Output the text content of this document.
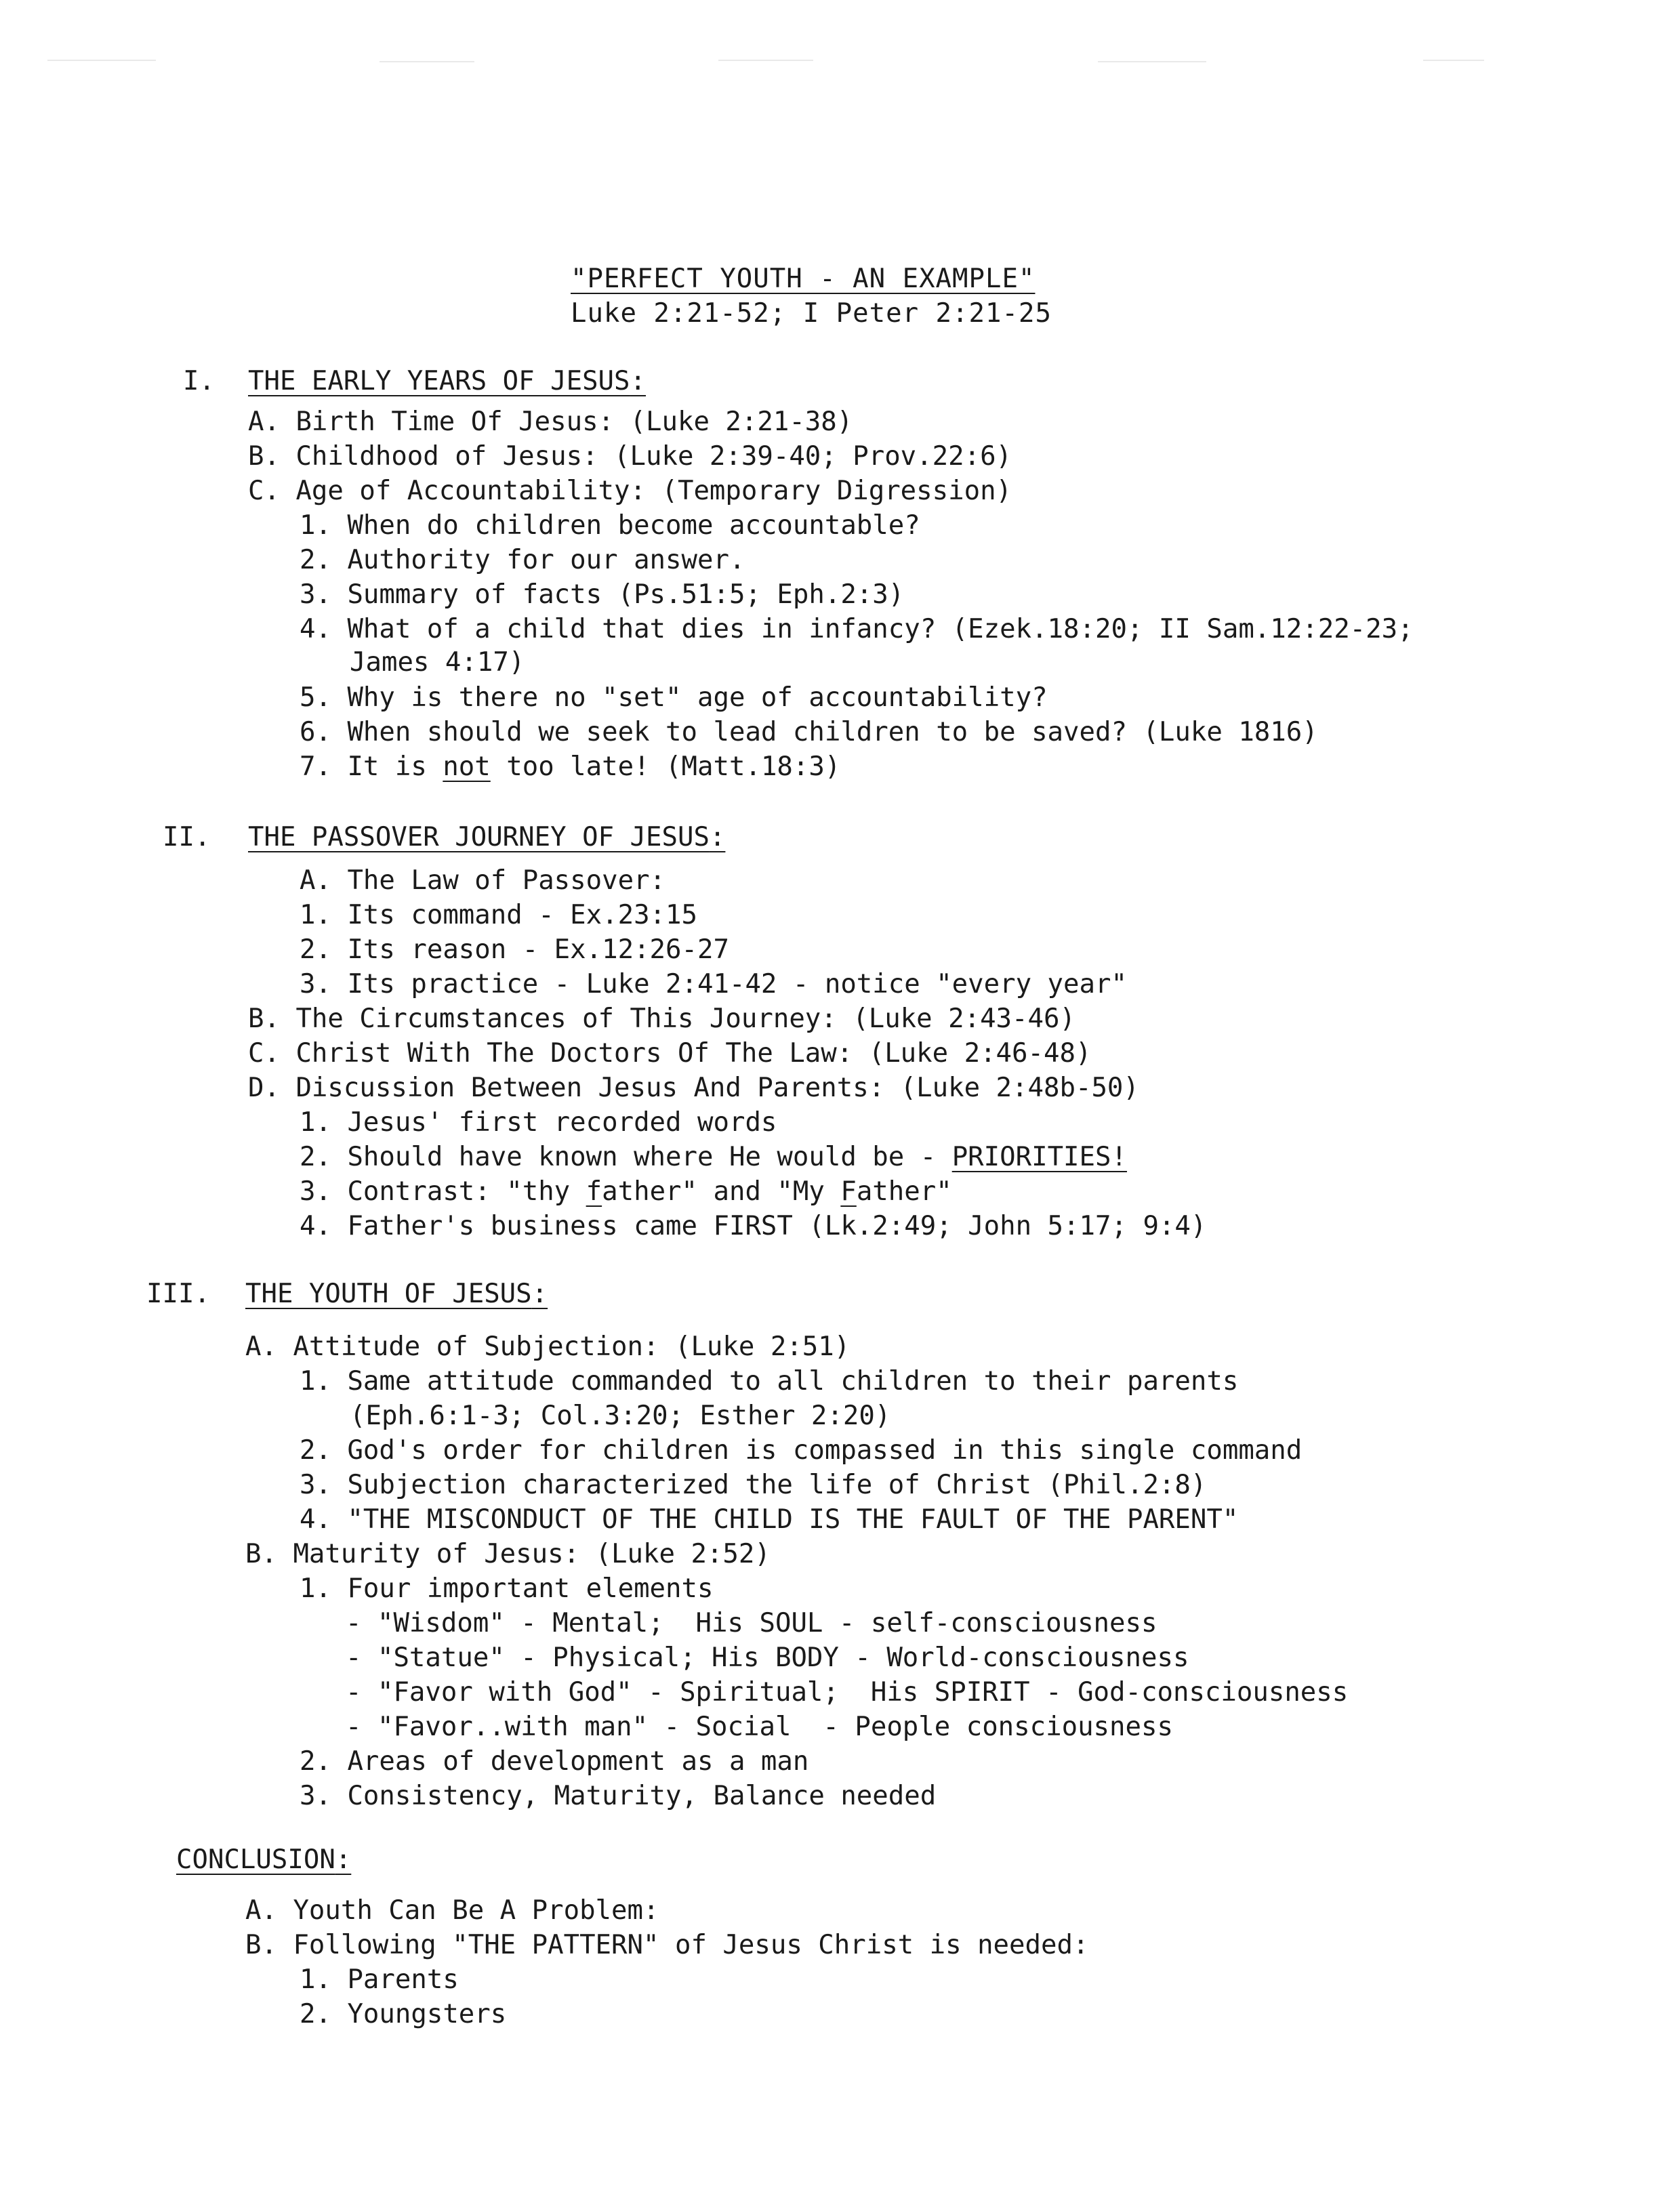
"PERFECT YOUTH - AN EXAMPLE"
Luke 2:21-52; I Peter 2:21-25
I. THE EARLY YEARS OF JESUS:
A. Birth Time Of Jesus: (Luke 2:21-38)
B. Childhood of Jesus: (Luke 2:39-40; Prov.22:6)
C. Age of Accountability: (Temporary Digression)
1. When do children become accountable?
2. Authority for our answer.
3. Summary of facts (Ps.51:5; Eph.2:3)
4. What of a child that dies in infancy? (Ezek.18:20; II Sam.12:22-23;
James 4:17)
5. Why is there no "set" age of accountability?
6. When should we seek to lead children to be saved? (Luke 1816)
7. It is not too late! (Matt.18:3)
II. THE PASSOVER JOURNEY OF JESUS:
A. The Law of Passover:
1. Its command - Ex.23:15
2. Its reason - Ex.12:26-27
3. Its practice - Luke 2:41-42 - notice "every year"
B. The Circumstances of This Journey: (Luke 2:43-46)
C. Christ With The Doctors Of The Law: (Luke 2:46-48)
D. Discussion Between Jesus And Parents: (Luke 2:48b-50)
1. Jesus' first recorded words
2. Should have known where He would be - PRIORITIES!
3. Contrast: "thy father" and "My Father"
4. Father's business came FIRST (Lk.2:49; John 5:17; 9:4)
III. THE YOUTH OF JESUS:
A. Attitude of Subjection: (Luke 2:51)
1. Same attitude commanded to all children to their parents
(Eph.6:1-3; Col.3:20; Esther 2:20)
2. God's order for children is compassed in this single command
3. Subjection characterized the life of Christ (Phil.2:8)
4. "THE MISCONDUCT OF THE CHILD IS THE FAULT OF THE PARENT"
B. Maturity of Jesus: (Luke 2:52)
1. Four important elements
- "Wisdom" - Mental;  His SOUL - self-consciousness
- "Statue" - Physical; His BODY - World-consciousness
- "Favor with God" - Spiritual;  His SPIRIT - God-consciousness
- "Favor..with man" - Social  - People consciousness
2. Areas of development as a man
3. Consistency, Maturity, Balance needed
CONCLUSION:
A. Youth Can Be A Problem:
B. Following "THE PATTERN" of Jesus Christ is needed:
1. Parents
2. Youngsters
